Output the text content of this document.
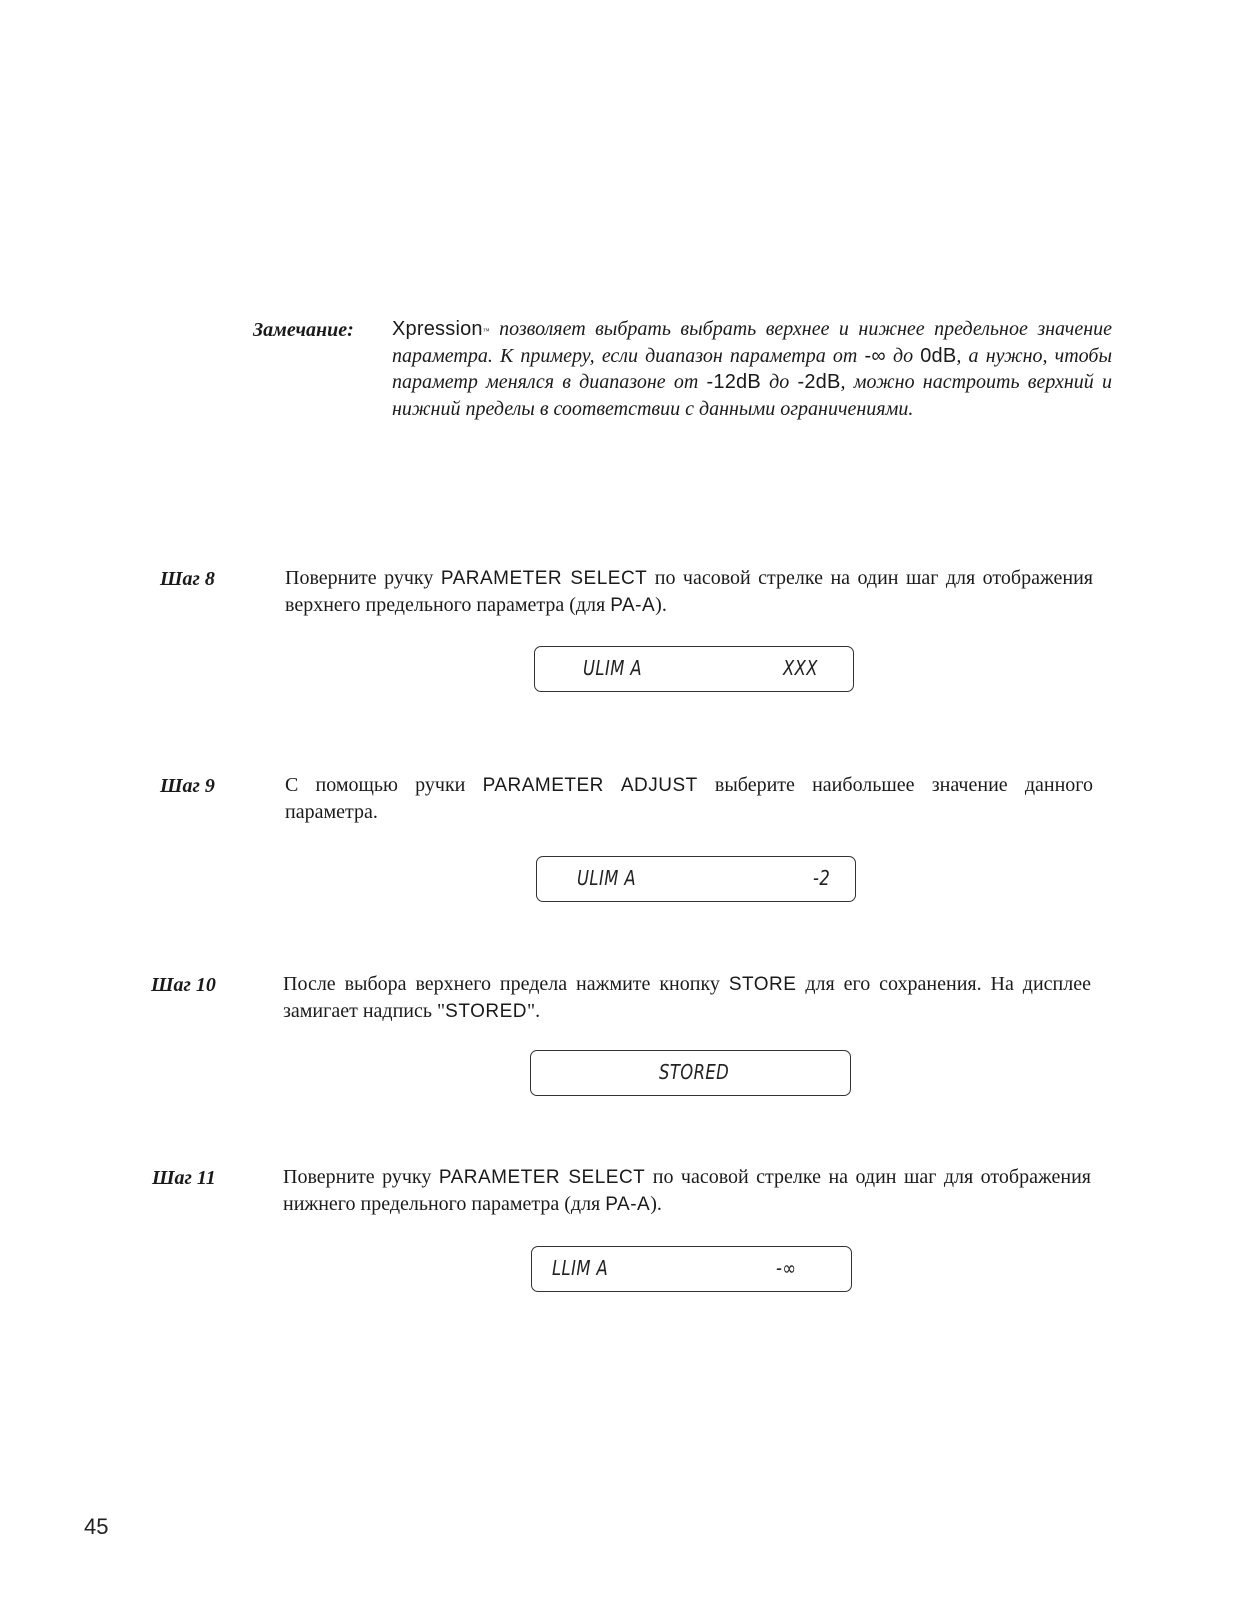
Замечание: Xpression™ позволяет выбрать выбрать верхнее и нижнее предельное значение параметра. К примеру, если диапазон параметра от -∞ до 0dB, а нужно, чтобы параметр менялся в диапазоне от -12dB до -2dB, можно настроить верхний и нижний пределы в соответствии с данными ограничениями.
Шаг 8	Поверните ручку PARAMETER SELECT по часовой стрелке на один шаг для отображения верхнего предельного параметра (для PA-A).
ULIM A	XXX
Шаг 9	С помощью ручки PARAMETER ADJUST выберите наибольшее значение данного параметра.
ULIM A	-2
Шаг 10	После выбора верхнего предела нажмите кнопку STORE для его сохранения. На дисплее замигает надпись "STORED".
STORED
Шаг 11	Поверните ручку PARAMETER SELECT по часовой стрелке на один шаг для отображения нижнего предельного параметра (для PA-A).
LLIM A	-∞
45
